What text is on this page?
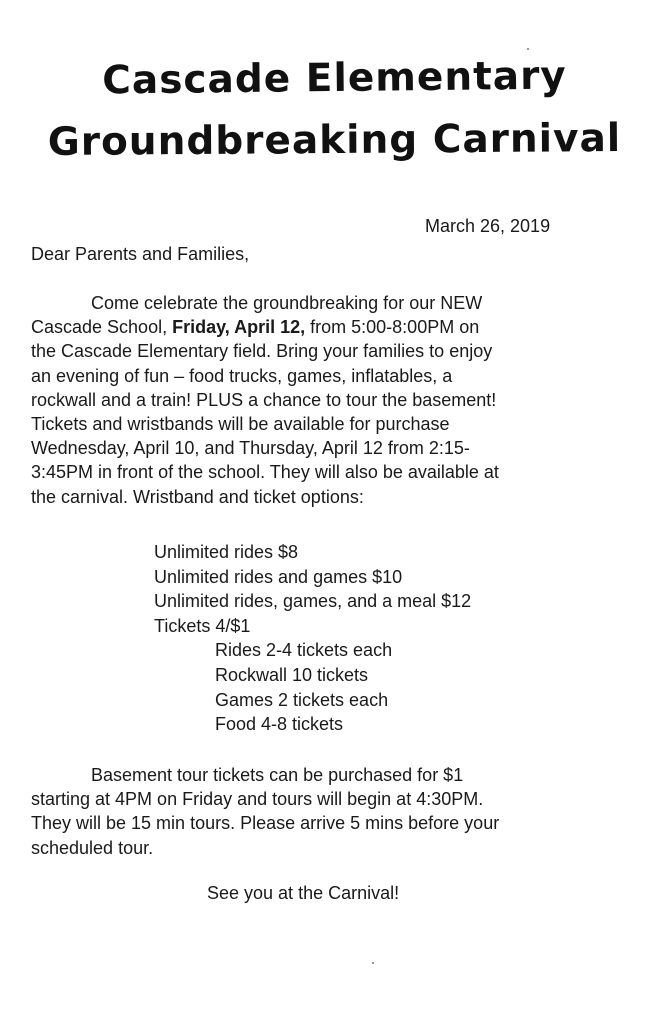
Cascade Elementary
Groundbreaking Carnival
March 26, 2019
Dear Parents and Families,

Come celebrate the groundbreaking for our NEW
Cascade School, Friday, April 12, from 5:00-8:00PM on
the Cascade Elementary field. Bring your families to enjoy
an evening of fun – food trucks, games, inflatables, a
rockwall and a train! PLUS a chance to tour the basement!
Tickets and wristbands will be available for purchase
Wednesday, April 10, and Thursday, April 12 from 2:15-
3:45PM in front of the school. They will also be available at
the carnival. Wristband and ticket options:

Unlimited rides $8
Unlimited rides and games $10
Unlimited rides, games, and a meal $12
Tickets 4/$1
Rides 2-4 tickets each
Rockwall 10 tickets
Games 2 tickets each
Food 4-8 tickets

Basement tour tickets can be purchased for $1
starting at 4PM on Friday and tours will begin at 4:30PM.
They will be 15 min tours. Please arrive 5 mins before your
scheduled tour.

See you at the Carnival!
